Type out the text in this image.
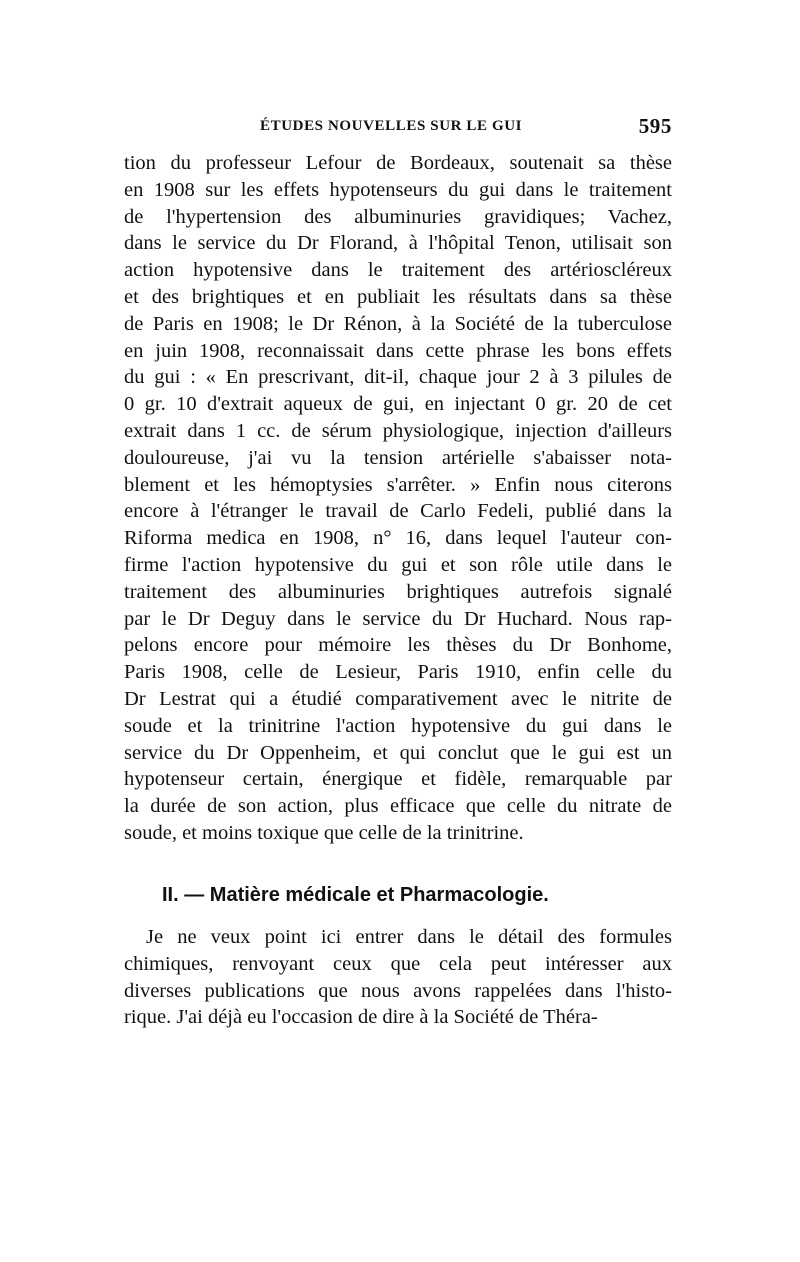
ÉTUDES NOUVELLES SUR LE GUI	595
tion du professeur Lefour de Bordeaux, soutenait sa thèse
en 1908 sur les effets hypotenseurs du gui dans le traitement
de l'hypertension des albuminuries gravidiques; Vachez,
dans le service du Dr Florand, à l'hôpital Tenon, utilisait son
action hypotensive dans le traitement des artérioscléreux
et des brightiques et en publiait les résultats dans sa thèse
de Paris en 1908; le Dr Rénon, à la Société de la tuberculose
en juin 1908, reconnaissait dans cette phrase les bons effets
du gui : « En prescrivant, dit-il, chaque jour 2 à 3 pilules de
0 gr. 10 d'extrait aqueux de gui, en injectant 0 gr. 20 de cet
extrait dans 1 cc. de sérum physiologique, injection d'ailleurs
douloureuse, j'ai vu la tension artérielle s'abaisser nota-
blement et les hémoptysies s'arrêter. » Enfin nous citerons
encore à l'étranger le travail de Carlo Fedeli, publié dans la
Riforma medica en 1908, n° 16, dans lequel l'auteur con-
firme l'action hypotensive du gui et son rôle utile dans le
traitement des albuminuries brightiques autrefois signalé
par le Dr Deguy dans le service du Dr Huchard. Nous rap-
pelons encore pour mémoire les thèses du Dr Bonhome,
Paris 1908, celle de Lesieur, Paris 1910, enfin celle du
Dr Lestrat qui a étudié comparativement avec le nitrite de
soude et la trinitrine l'action hypotensive du gui dans le
service du Dr Oppenheim, et qui conclut que le gui est un
hypotenseur certain, énergique et fidèle, remarquable par
la durée de son action, plus efficace que celle du nitrate de
soude, et moins toxique que celle de la trinitrine.
II. — Matière médicale et Pharmacologie.
Je ne veux point ici entrer dans le détail des formules
chimiques, renvoyant ceux que cela peut intéresser aux
diverses publications que nous avons rappelées dans l'histo-
rique. J'ai déjà eu l'occasion de dire à la Société de Théra-
